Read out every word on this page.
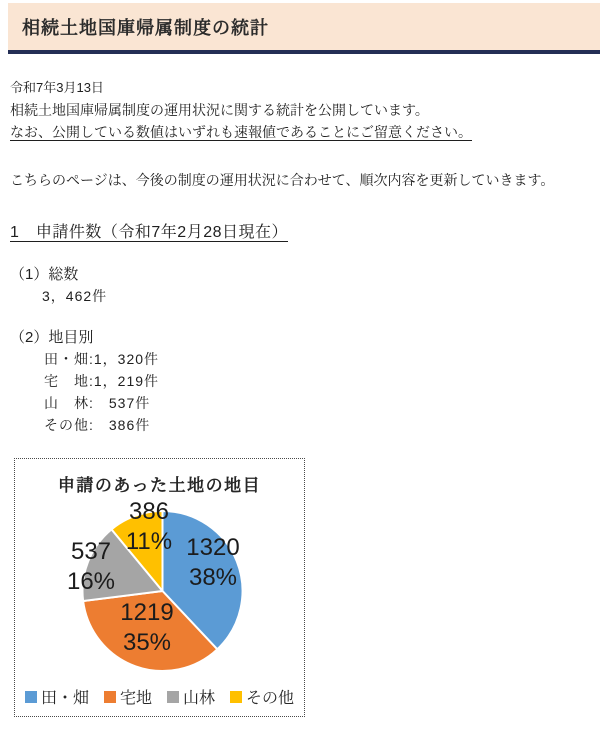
相続土地国庫帰属制度の統計

令和7年3月13日

相続土地国庫帰属制度の運用状況に関する統計を公開しています。

なお、公開している数値はいずれも速報値であることにご留意ください。

こちらのページは、今後の制度の運用状況に合わせて、順次内容を更新していきます。

1　申請件数（令和7年2月28日現在）

（1）総数

3，462件

（2）地目別

田・畑:1，320件

宅　地:1，219件

山　林:　537件

その他:　386件

申請のあった土地の地目
1320
38%
1219
35%
537
16%
386
11%
田・畑 宅地 山林 その他
